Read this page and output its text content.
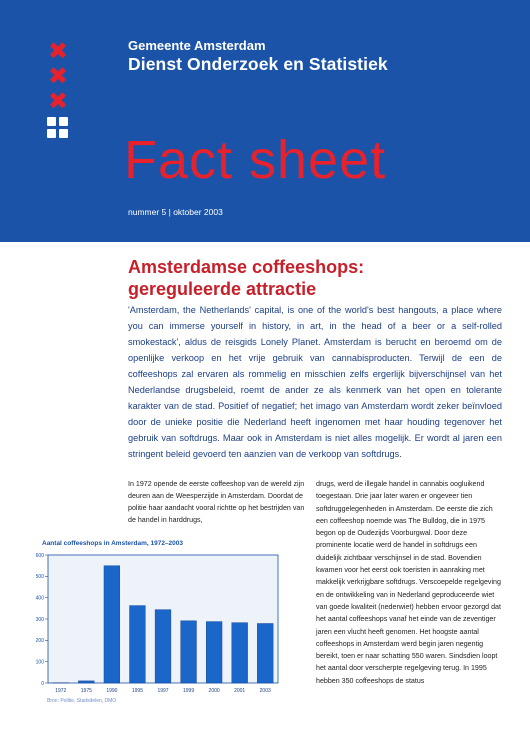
✖
✖
✖

Gemeente Amsterdam

Dienst Onderzoek en Statistiek

Fact sheet

nummer 5 | oktober 2003

Amsterdamse coffeeshops:
gereguleerde attractie

'Amsterdam, the Netherlands' capital, is one of the world's best hangouts, a place where you can immerse yourself in history, in art, in the head of a beer or a self-rolled smokestack', aldus de reisgids Lonely Planet. Amsterdam is berucht en beroemd om de openlijke verkoop en het vrije gebruik van cannabisproducten. Terwijl de een de coffeeshops zal ervaren als rommelig en misschien zelfs ergerlijk bijverschijnsel van het Nederlandse drugsbeleid, roemt de ander ze als kenmerk van het open en tolerante karakter van de stad. Positief of negatief; het imago van Amsterdam wordt zeker beïnvloed door de unieke positie die Nederland heeft ingenomen met haar houding tegenover het gebruik van softdrugs. Maar ook in Amsterdam is niet alles mogelijk. Er wordt al jaren een stringent beleid gevoerd ten aanzien van de verkoop van softdrugs.

In 1972 opende de eerste coffeeshop van de wereld zijn deuren aan de Weesperzijde in Amsterdam. Doordat de politie haar aandacht vooral richtte op het bestrijden van de handel in harddrugs,

drugs, werd de illegale handel in cannabis oogluikend toegestaan. Drie jaar later waren er ongeveer tien softdruggelegenheden in Amsterdam. De eerste die zich een coffeeshop noemde was The Bulldog, die in 1975 begon op de Oudezijds Voorburgwal. Door deze prominente locatie werd de handel in softdrugs een duidelijk zichtbaar verschijnsel in de stad. Bovendien kwamen voor het eerst ook toeristen in aanraking met makkelijk verkrijgbare softdrugs. Verscoepelde regelgeving en de ontwikkeling van in Nederland geproduceerde wiet van goede kwaliteit (nederwiet) hebben ervoor gezorgd dat het aantal coffeeshops vanaf het einde van de zeventiger jaren een vlucht heeft genomen. Het hoogste aantal coffeeshops in Amsterdam werd begin jaren negentig bereikt, toen er naar schatting 550 waren. Sindsdien loopt het aantal door verscherpte regelgeving terug. In 1995 hebben 350 coffeeshops de status

Aantal coffeeshops in Amsterdam, 1972–2003

0
100
200
300
400
500
600
1972	1975	1990	1995	1997	1999	2000	2001	2003

Bron: Politie, Stadsdelen, DMO
